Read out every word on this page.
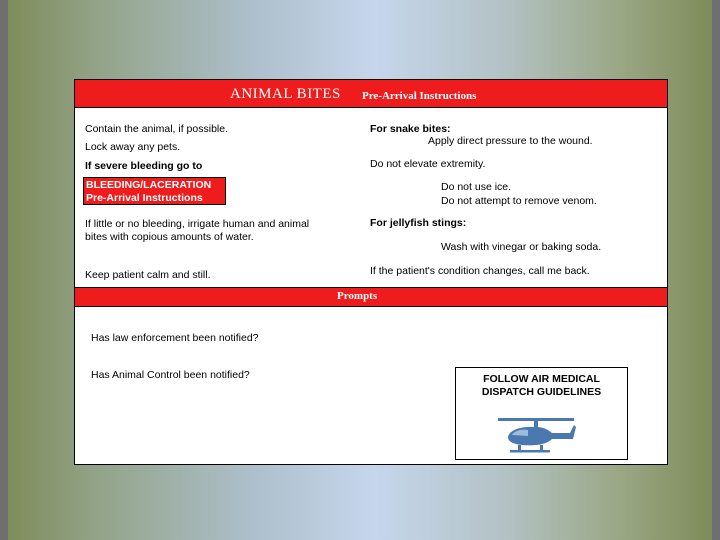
ANIMAL BITES Pre-Arrival Instructions
Contain the animal, if possible.
Lock away any pets.
If severe bleeding go to
BLEEDING/LACERATION
Pre-Arrival Instructions
If little or no bleeding, irrigate human and animal
bites with copious amounts of water.
Keep patient calm and still.
For snake bites:
Apply direct pressure to the wound.
Do not elevate extremity.
Do not use ice.
Do not attempt to remove venom.
For jellyfish stings:
Wash with vinegar or baking soda.
If the patient's condition changes, call me back.
Prompts
Has law enforcement been notified?
Has Animal Control been notified?	FOLLOW AIR MEDICAL
DISPATCH GUIDELINES
